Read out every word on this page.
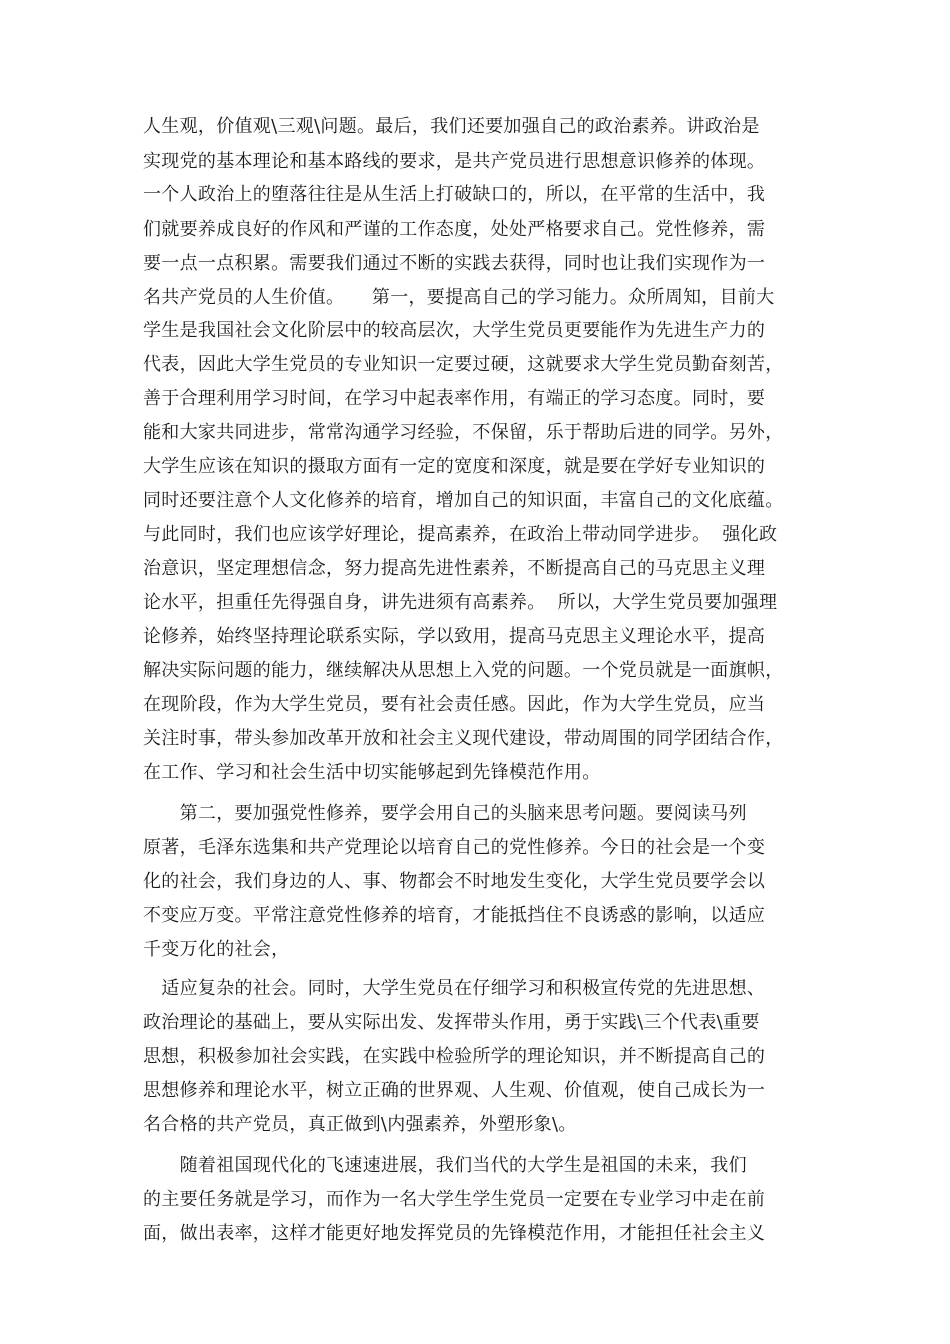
人生观，价值观\三观\问题。最后，我们还要加强自己的政治素养。讲政治是
实现党的基本理论和基本路线的要求，是共产党员进行思想意识修养的体现。
一个人政治上的堕落往往是从生活上打破缺口的，所以，在平常的生活中，我
们就要养成良好的作风和严谨的工作态度，处处严格要求自己。党性修养，需
要一点一点积累。需要我们通过不断的实践去获得，同时也让我们实现作为一
名共产党员的人生价值。　　第一，要提高自己的学习能力。众所周知，目前大
学生是我国社会文化阶层中的较高层次，大学生党员更要能作为先进生产力的
代表，因此大学生党员的专业知识一定要过硬，这就要求大学生党员勤奋刻苦，
善于合理利用学习时间，在学习中起表率作用，有端正的学习态度。同时，要
能和大家共同进步，常常沟通学习经验，不保留，乐于帮助后进的同学。另外，
大学生应该在知识的摄取方面有一定的宽度和深度，就是要在学好专业知识的
同时还要注意个人文化修养的培育，增加自己的知识面，丰富自己的文化底蕴。
与此同时，我们也应该学好理论，提高素养，在政治上带动同学进步。  强化政
治意识，坚定理想信念，努力提高先进性素养，不断提高自己的马克思主义理
论水平，担重任先得强自身，讲先进须有高素养。  所以，大学生党员要加强理
论修养，始终坚持理论联系实际，学以致用，提高马克思主义理论水平，提高
解决实际问题的能力，继续解决从思想上入党的问题。一个党员就是一面旗帜，
在现阶段，作为大学生党员，要有社会责任感。因此，作为大学生党员，应当
关注时事，带头参加改革开放和社会主义现代建设，带动周围的同学团结合作，
在工作、学习和社会生活中切实能够起到先锋模范作用。
　　第二，要加强党性修养，要学会用自己的头脑来思考问题。要阅读马列
原著，毛泽东选集和共产党理论以培育自己的党性修养。今日的社会是一个变
化的社会，我们身边的人、事、物都会不时地发生变化，大学生党员要学会以
不变应万变。平常注意党性修养的培育，才能抵挡住不良诱惑的影响，以适应
千变万化的社会，
　适应复杂的社会。同时，大学生党员在仔细学习和积极宣传党的先进思想、
政治理论的基础上，要从实际出发、发挥带头作用，勇于实践\三个代表\重要
思想，积极参加社会实践，在实践中检验所学的理论知识，并不断提高自己的
思想修养和理论水平，树立正确的世界观、人生观、价值观，使自己成长为一
名合格的共产党员，真正做到\内强素养，外塑形象\。
　　随着祖国现代化的飞速速进展，我们当代的大学生是祖国的未来，我们
的主要任务就是学习，而作为一名大学生学生党员一定要在专业学习中走在前
面，做出表率，这样才能更好地发挥党员的先锋模范作用，才能担任社会主义
